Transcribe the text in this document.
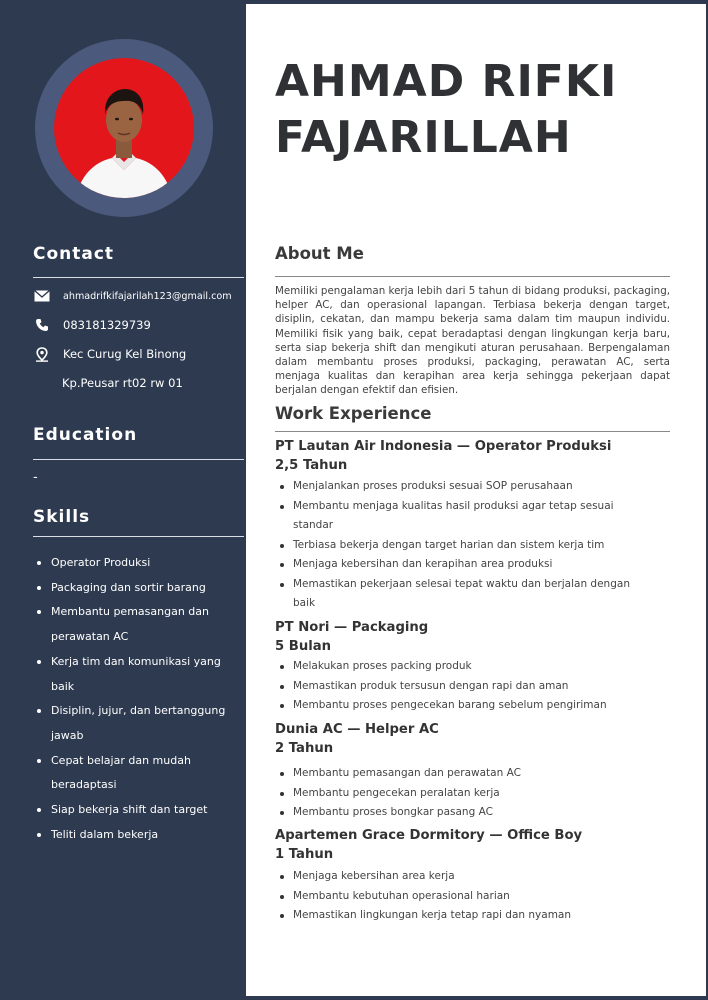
Contact
ahmadrifkifajarilah123@gmail.com
083181329739
Kec Curug Kel Binong
Kp.Peusar rt02 rw 01
Education
-
Skills
Operator Produksi
Packaging dan sortir barang
Membantu pemasangan dan perawatan AC
Kerja tim dan komunikasi yang baik
Disiplin, jujur, dan bertanggung jawab
Cepat belajar dan mudah beradaptasi
Siap bekerja shift dan target
Teliti dalam bekerja
AHMAD RIFKI
FAJARILLAH
About Me

Memiliki pengalaman kerja lebih dari 5 tahun di bidang produksi, packaging, helper AC, dan operasional lapangan. Terbiasa bekerja dengan target, disiplin, cekatan, dan mampu bekerja sama dalam tim maupun individu. Memiliki fisik yang baik, cepat beradaptasi dengan lingkungan kerja baru, serta siap bekerja shift dan mengikuti aturan perusahaan. Berpengalaman dalam membantu proses produksi, packaging, perawatan AC, serta menjaga kualitas dan kerapihan area kerja sehingga pekerjaan dapat berjalan dengan efektif dan efisien.

Work Experience
PT Lautan Air Indonesia — Operator Produksi
2,5 Tahun
Menjalankan proses produksi sesuai SOP perusahaan
Membantu menjaga kualitas hasil produksi agar tetap sesuai standar
Terbiasa bekerja dengan target harian dan sistem kerja tim
Menjaga kebersihan dan kerapihan area produksi
Memastikan pekerjaan selesai tepat waktu dan berjalan dengan baik
PT Nori — Packaging
5 Bulan
Melakukan proses packing produk
Memastikan produk tersusun dengan rapi dan aman
Membantu proses pengecekan barang sebelum pengiriman
Dunia AC — Helper AC
2 Tahun
Membantu pemasangan dan perawatan AC
Membantu pengecekan peralatan kerja
Membantu proses bongkar pasang AC
Apartemen Grace Dormitory — Office Boy
1 Tahun
Menjaga kebersihan area kerja
Membantu kebutuhan operasional harian
Memastikan lingkungan kerja tetap rapi dan nyaman
